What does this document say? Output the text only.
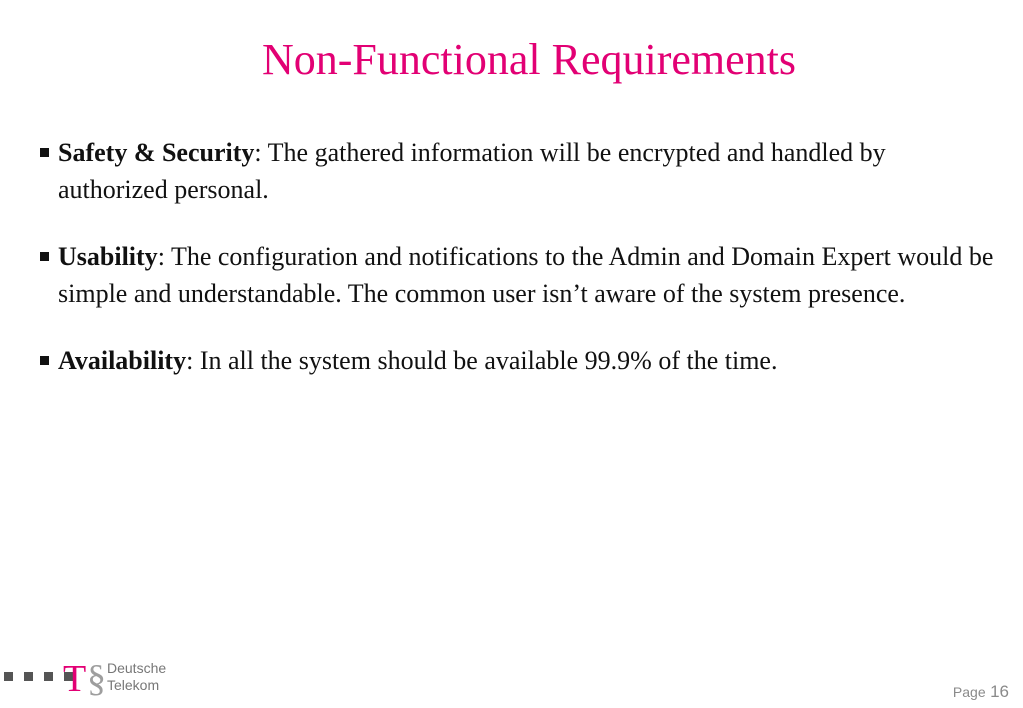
Non-Functional Requirements
Safety & Security: The gathered information will be encrypted and handled by authorized personal.
Usability: The configuration and notifications to the Admin and Domain Expert would be simple and understandable. The common user isn’t aware of the system presence.
Availability: In all the system should be available 99.9% of the time.
T § Deutsche
Telekom	Page 16
